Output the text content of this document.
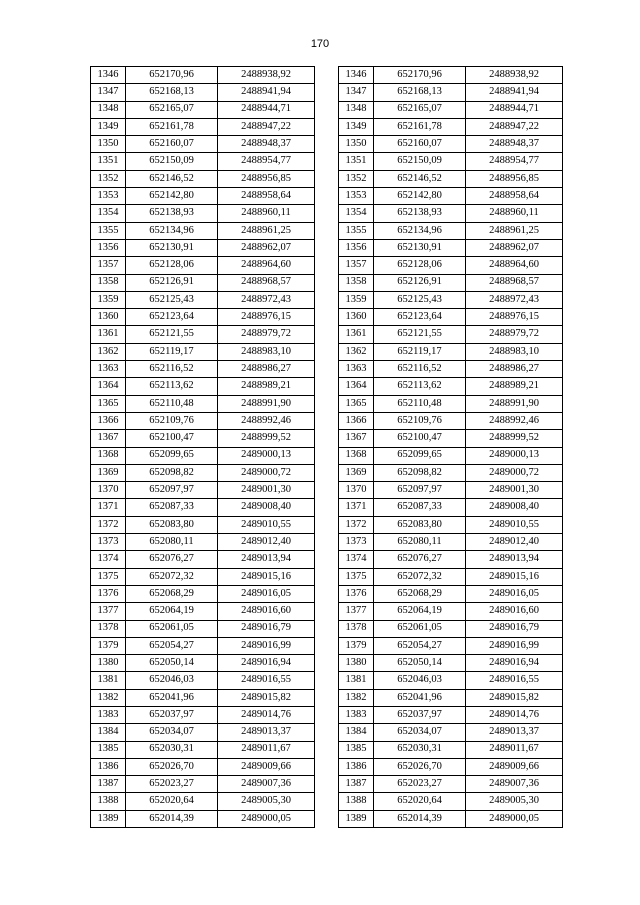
170
1346	652170,96	2488938,92
1347	652168,13	2488941,94
1348	652165,07	2488944,71
1349	652161,78	2488947,22
1350	652160,07	2488948,37
1351	652150,09	2488954,77
1352	652146,52	2488956,85
1353	652142,80	2488958,64
1354	652138,93	2488960,11
1355	652134,96	2488961,25
1356	652130,91	2488962,07
1357	652128,06	2488964,60
1358	652126,91	2488968,57
1359	652125,43	2488972,43
1360	652123,64	2488976,15
1361	652121,55	2488979,72
1362	652119,17	2488983,10
1363	652116,52	2488986,27
1364	652113,62	2488989,21
1365	652110,48	2488991,90
1366	652109,76	2488992,46
1367	652100,47	2488999,52
1368	652099,65	2489000,13
1369	652098,82	2489000,72
1370	652097,97	2489001,30
1371	652087,33	2489008,40
1372	652083,80	2489010,55
1373	652080,11	2489012,40
1374	652076,27	2489013,94
1375	652072,32	2489015,16
1376	652068,29	2489016,05
1377	652064,19	2489016,60
1378	652061,05	2489016,79
1379	652054,27	2489016,99
1380	652050,14	2489016,94
1381	652046,03	2489016,55
1382	652041,96	2489015,82
1383	652037,97	2489014,76
1384	652034,07	2489013,37
1385	652030,31	2489011,67
1386	652026,70	2489009,66
1387	652023,27	2489007,36
1388	652020,64	2489005,30
1389	652014,39	2489000,05
1346	652170,96	2488938,92
1347	652168,13	2488941,94
1348	652165,07	2488944,71
1349	652161,78	2488947,22
1350	652160,07	2488948,37
1351	652150,09	2488954,77
1352	652146,52	2488956,85
1353	652142,80	2488958,64
1354	652138,93	2488960,11
1355	652134,96	2488961,25
1356	652130,91	2488962,07
1357	652128,06	2488964,60
1358	652126,91	2488968,57
1359	652125,43	2488972,43
1360	652123,64	2488976,15
1361	652121,55	2488979,72
1362	652119,17	2488983,10
1363	652116,52	2488986,27
1364	652113,62	2488989,21
1365	652110,48	2488991,90
1366	652109,76	2488992,46
1367	652100,47	2488999,52
1368	652099,65	2489000,13
1369	652098,82	2489000,72
1370	652097,97	2489001,30
1371	652087,33	2489008,40
1372	652083,80	2489010,55
1373	652080,11	2489012,40
1374	652076,27	2489013,94
1375	652072,32	2489015,16
1376	652068,29	2489016,05
1377	652064,19	2489016,60
1378	652061,05	2489016,79
1379	652054,27	2489016,99
1380	652050,14	2489016,94
1381	652046,03	2489016,55
1382	652041,96	2489015,82
1383	652037,97	2489014,76
1384	652034,07	2489013,37
1385	652030,31	2489011,67
1386	652026,70	2489009,66
1387	652023,27	2489007,36
1388	652020,64	2489005,30
1389	652014,39	2489000,05
